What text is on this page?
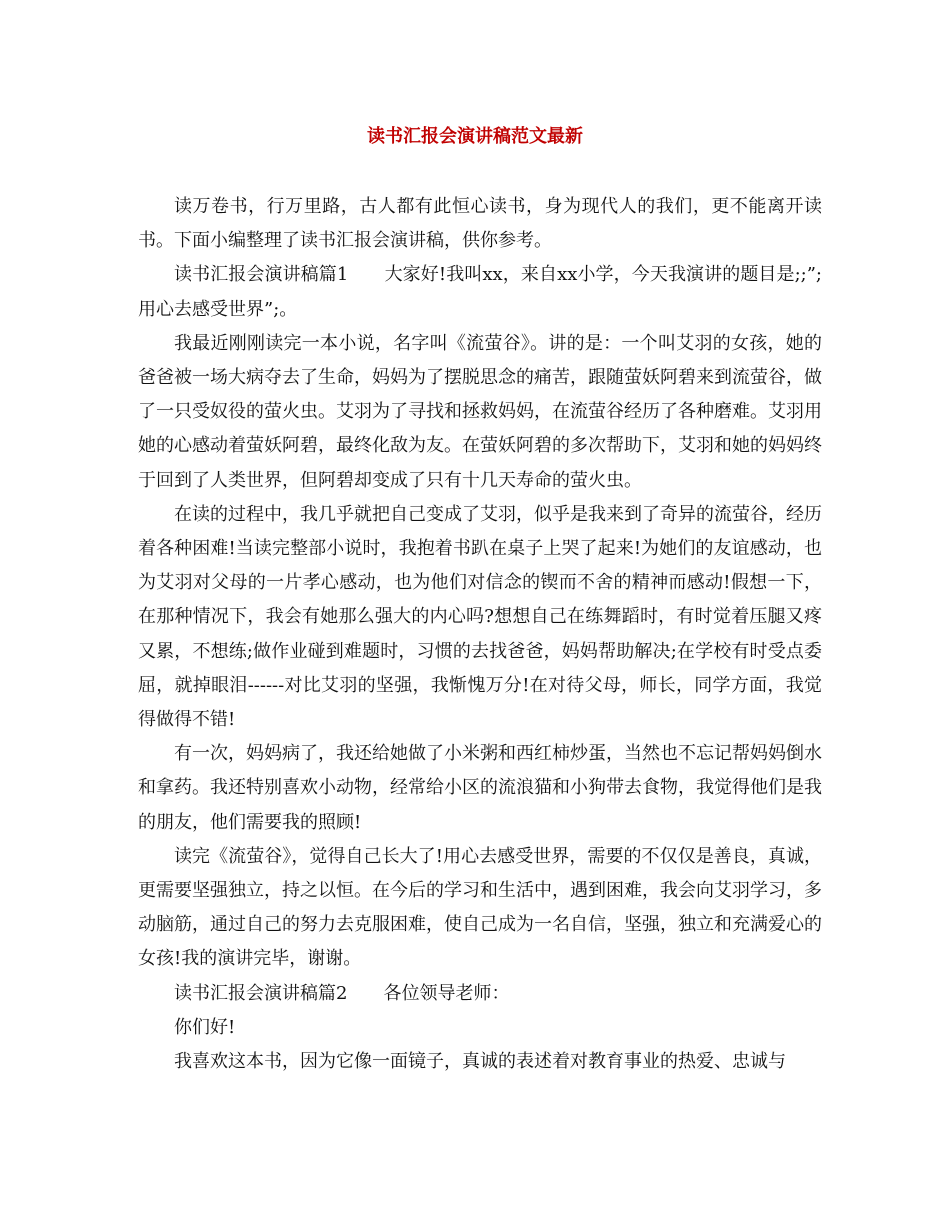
读书汇报会演讲稿范文最新

读万卷书，行万里路，古人都有此恒心读书，身为现代人的我们，更不能离开读书。下面小编整理了读书汇报会演讲稿，供你参考。

读书汇报会演讲稿篇1　　大家好!我叫xx，来自xx小学，今天我演讲的题目是;;”;用心去感受世界”;。

我最近刚刚读完一本小说，名字叫《流萤谷》。讲的是：一个叫艾羽的女孩，她的爸爸被一场大病夺去了生命，妈妈为了摆脱思念的痛苦，跟随萤妖阿碧来到流萤谷，做了一只受奴役的萤火虫。艾羽为了寻找和拯救妈妈，在流萤谷经历了各种磨难。艾羽用她的心感动着萤妖阿碧，最终化敌为友。在萤妖阿碧的多次帮助下，艾羽和她的妈妈终于回到了人类世界，但阿碧却变成了只有十几天寿命的萤火虫。

在读的过程中，我几乎就把自己变成了艾羽，似乎是我来到了奇异的流萤谷，经历着各种困难!当读完整部小说时，我抱着书趴在桌子上哭了起来!为她们的友谊感动，也为艾羽对父母的一片孝心感动，也为他们对信念的锲而不舍的精神而感动!假想一下，在那种情况下，我会有她那么强大的内心吗?想想自己在练舞蹈时，有时觉着压腿又疼又累，不想练;做作业碰到难题时，习惯的去找爸爸，妈妈帮助解决;在学校有时受点委屈，就掉眼泪------对比艾羽的坚强，我惭愧万分!在对待父母，师长，同学方面，我觉得做得不错!

有一次，妈妈病了，我还给她做了小米粥和西红柿炒蛋，当然也不忘记帮妈妈倒水和拿药。我还特别喜欢小动物，经常给小区的流浪猫和小狗带去食物，我觉得他们是我的朋友，他们需要我的照顾!

读完《流萤谷》，觉得自己长大了!用心去感受世界，需要的不仅仅是善良，真诚，更需要坚强独立，持之以恒。在今后的学习和生活中，遇到困难，我会向艾羽学习，多动脑筋，通过自己的努力去克服困难，使自己成为一名自信，坚强，独立和充满爱心的女孩!我的演讲完毕，谢谢。

读书汇报会演讲稿篇2　　各位领导老师：

你们好!

我喜欢这本书，因为它像一面镜子，真诚的表述着对教育事业的热爱、忠诚与
